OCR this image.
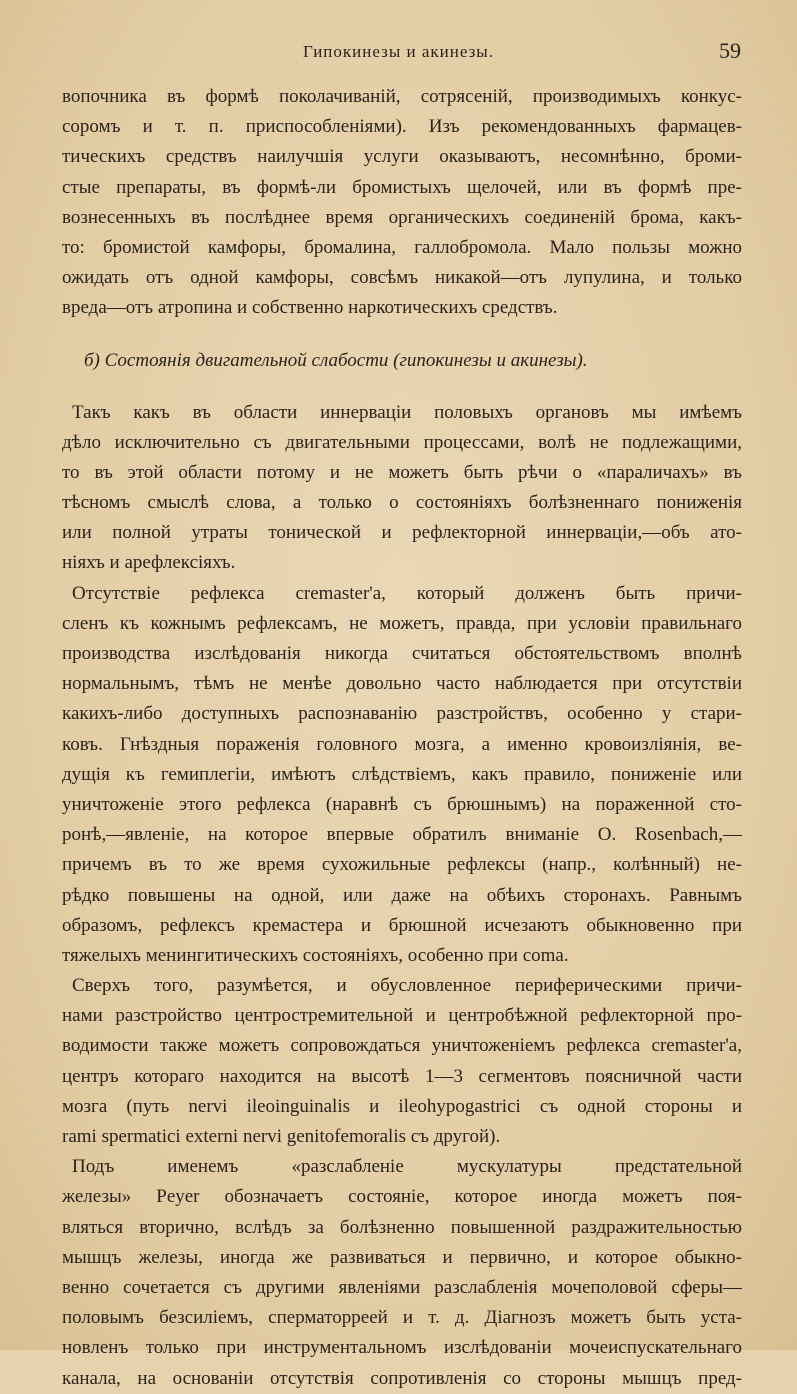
Гипокинезы и акинезы.	59
вопочника въ формѣ поколачиваній, сотрясеній, производимыхъ конкус-
соромъ и т. п. приспособленіями). Изъ рекомендованныхъ фармацев-
тическихъ средствъ наилучшія услуги оказываютъ, несомнѣнно, броми-
стые препараты, въ формѣ-ли бромистыхъ щелочей, или въ формѣ пре-
вознесенныхъ въ послѣднее время органическихъ соединеній брома, какъ-
то: бромистой камфоры, бромалина, галлобромола. Мало пользы можно
ожидать отъ одной камфоры, совсѣмъ никакой—отъ лупулина, и только
вреда—отъ атропина и собственно наркотическихъ средствъ.
б) Состоянія двигательной слабости (гипокинезы и акинезы).
Такъ какъ въ области иннерваціи половыхъ органовъ мы имѣемъ
дѣло исключительно съ двигательными процессами, волѣ не подлежащими,
то въ этой области потому и не можетъ быть рѣчи о «параличахъ» въ
тѣсномъ смыслѣ слова, а только о состояніяхъ болѣзненнаго пониженія
или полной утраты тонической и рефлекторной иннерваціи,—объ ато-
ніяхъ и арефлексіяхъ.
Отсутствіе рефлекса cremaster'а, который долженъ быть причи-
сленъ къ кожнымъ рефлексамъ, не можетъ, правда, при условіи правильнаго
производства изслѣдованія никогда считаться обстоятельствомъ вполнѣ
нормальнымъ, тѣмъ не менѣе довольно часто наблюдается при отсутствіи
какихъ-либо доступныхъ распознаванію разстройствъ, особенно у стари-
ковъ. Гнѣздныя пораженія головного мозга, а именно кровоизліянія, ве-
дущія къ гемиплегіи, имѣютъ слѣдствіемъ, какъ правило, пониженіе или
уничтоженіе этого рефлекса (наравнѣ съ брюшнымъ) на пораженной сто-
ронѣ,—явленіе, на которое впервые обратилъ вниманіе O. Rosenbach,—
причемъ въ то же время сухожильные рефлексы (напр., колѣнный) не-
рѣдко повышены на одной, или даже на обѣихъ сторонахъ. Равнымъ
образомъ, рефлексъ кремастера и брюшной исчезаютъ обыкновенно при
тяжелыхъ менингитическихъ состояніяхъ, особенно при coma.
Сверхъ того, разумѣется, и обусловленное периферическими причи-
нами разстройство центростремительной и центробѣжной рефлекторной про-
водимости также можетъ сопровождаться уничтоженіемъ рефлекса cremaster'а,
центръ котораго находится на высотѣ 1—3 сегментовъ поясничной части
мозга (путь nervi ileoinguinalis и ileohypogastrici съ одной стороны и
rami spermatici externi nervi genitofemoralis съ другой).
Подъ именемъ «разслабленіе мускулатуры предстательной
железы» Peyer обозначаетъ состояніе, которое иногда можетъ поя-
вляться вторично, вслѣдъ за болѣзненно повышенной раздражительностью
мышцъ железы, иногда же развиваться и первично, и которое обыкно-
венно сочетается съ другими явленіями разслабленія мочеполовой сферы—
половымъ безсиліемъ, сперматорреей и т. д. Діагнозъ можетъ быть уста-
новленъ только при инструментальномъ изслѣдованіи мочеиспускательнаго
канала, на основаніи отсутствія сопротивленія со стороны мышцъ пред-
